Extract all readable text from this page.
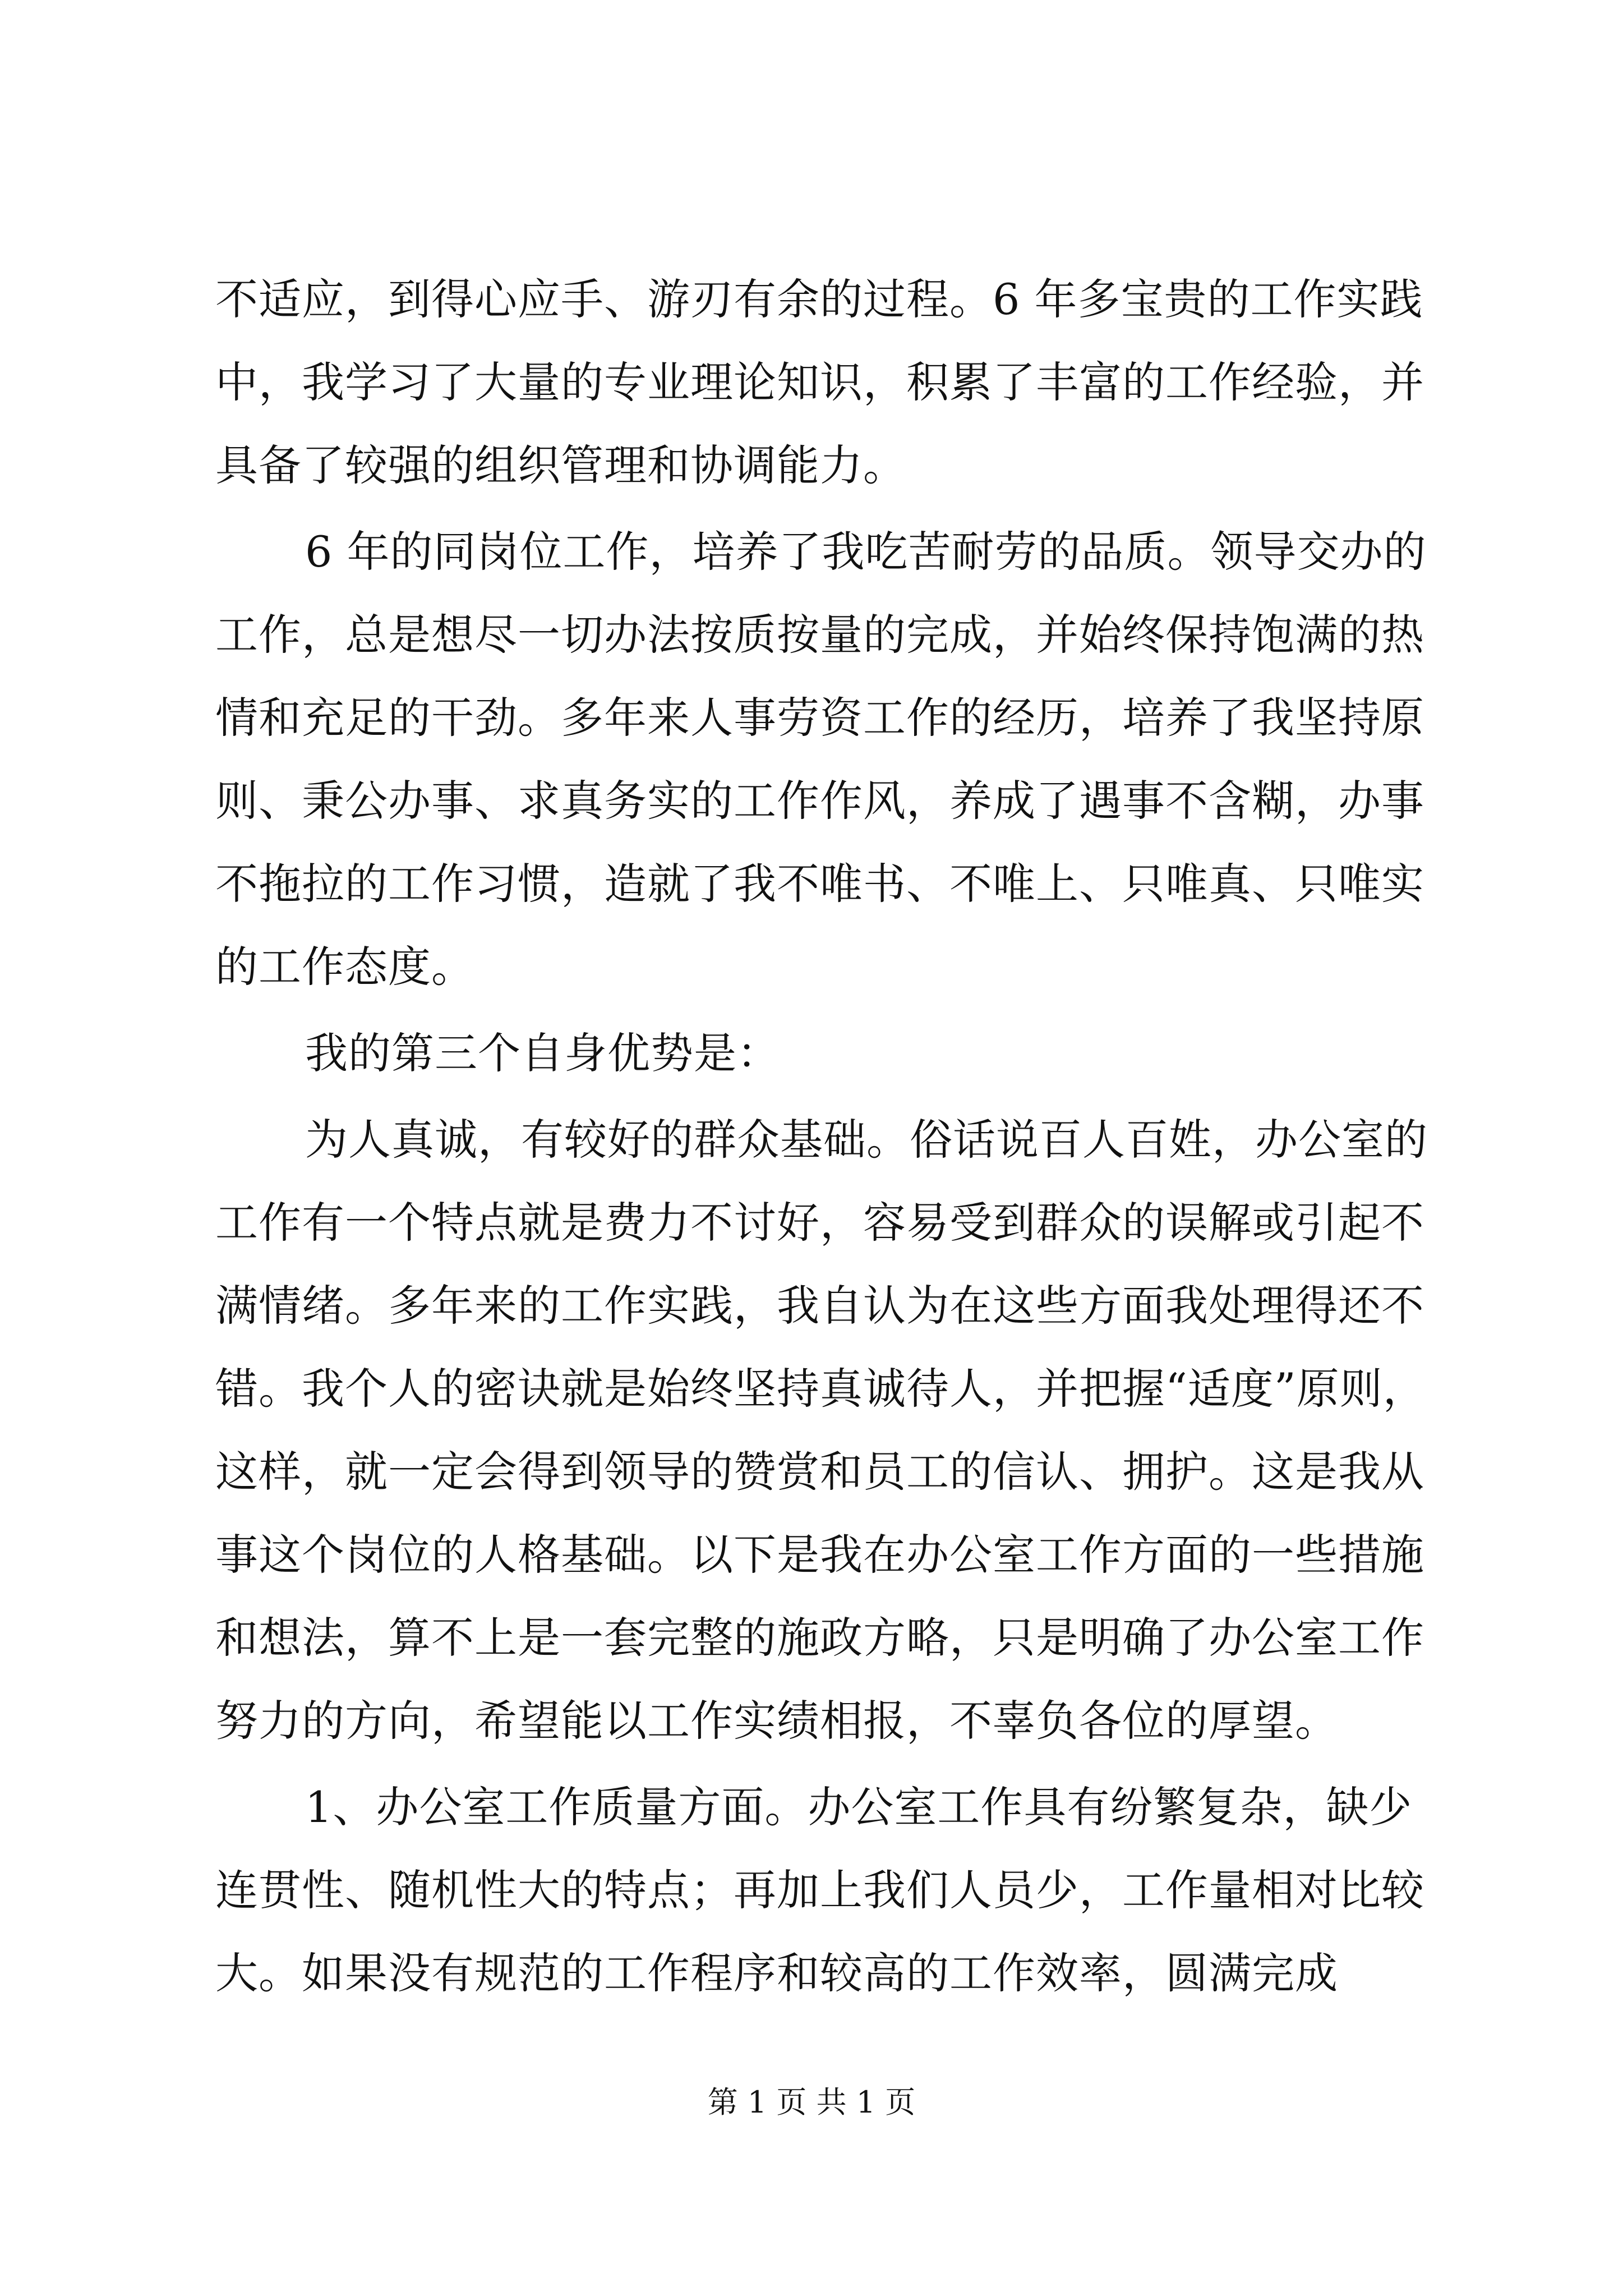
不适应，到得心应手、游刃有余的过程。6 年多宝贵的工作实践
中，我学习了大量的专业理论知识，积累了丰富的工作经验，并
具备了较强的组织管理和协调能力。
6 年的同岗位工作，培养了我吃苦耐劳的品质。领导交办的
工作，总是想尽一切办法按质按量的完成，并始终保持饱满的热
情和充足的干劲。多年来人事劳资工作的经历，培养了我坚持原
则、秉公办事、求真务实的工作作风，养成了遇事不含糊，办事
不拖拉的工作习惯，造就了我不唯书、不唯上、只唯真、只唯实
的工作态度。
我的第三个自身优势是：
为人真诚，有较好的群众基础。俗话说百人百姓，办公室的
工作有一个特点就是费力不讨好，容易受到群众的误解或引起不
满情绪。多年来的工作实践，我自认为在这些方面我处理得还不
错。我个人的密诀就是始终坚持真诚待人，并把握“适度”原则，
这样，就一定会得到领导的赞赏和员工的信认、拥护。这是我从
事这个岗位的人格基础。以下是我在办公室工作方面的一些措施
和想法，算不上是一套完整的施政方略，只是明确了办公室工作
努力的方向，希望能以工作实绩相报，不辜负各位的厚望。
1、办公室工作质量方面。办公室工作具有纷繁复杂，缺少
连贯性、随机性大的特点；再加上我们人员少，工作量相对比较
大。如果没有规范的工作程序和较高的工作效率，圆满完成
第 1 页 共 1 页
